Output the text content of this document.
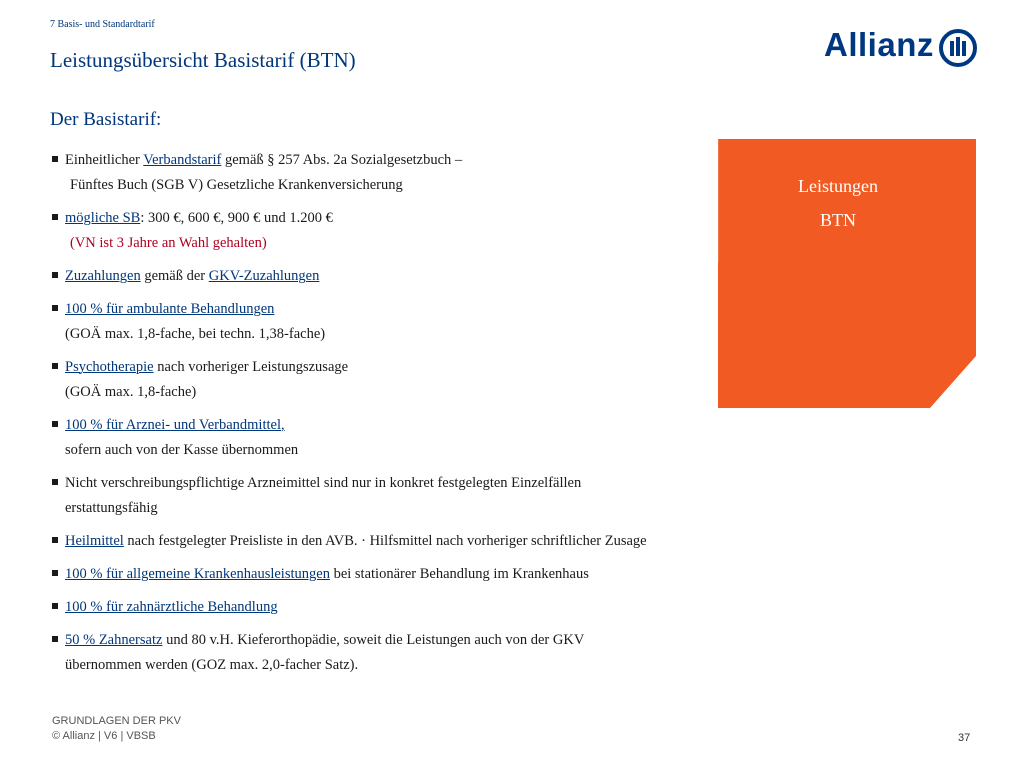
7 Basis- und Standardtarif
Leistungsübersicht Basistarif (BTN)	Allianz
Der Basistarif:
Einheitlicher Verbandstarif gemäß § 257 Abs. 2a Sozialgesetzbuch –
Fünftes Buch (SGB V) Gesetzliche Krankenversicherung
mögliche SB: 300 €, 600 €, 900 € und 1.200 €
(VN ist 3 Jahre an Wahl gehalten)
Zuzahlungen gemäß der GKV-Zuzahlungen
100 % für ambulante Behandlungen
(GOÄ max. 1,8-fache, bei techn. 1,38-fache)
Psychotherapie nach vorheriger Leistungszusage
(GOÄ max. 1,8-fache)
100 % für Arznei- und Verbandmittel,
sofern auch von der Kasse übernommen
Nicht verschreibungspflichtige Arzneimittel sind nur in konkret festgelegten Einzelfällen
erstattungsfähig
Heilmittel nach festgelegter Preisliste in den AVB. · Hilfsmittel nach vorheriger schriftlicher Zusage
100 % für allgemeine Krankenhausleistungen bei stationärer Behandlung im Krankenhaus
100 % für zahnärztliche Behandlung
50 % Zahnersatz und 80 v.H. Kieferorthopädie, soweit die Leistungen auch von der GKV
übernommen werden (GOZ max. 2,0-facher Satz).
Leistungen
BTN
GRUNDLAGEN DER PKV
© Allianz | V6 | VBSB	37
